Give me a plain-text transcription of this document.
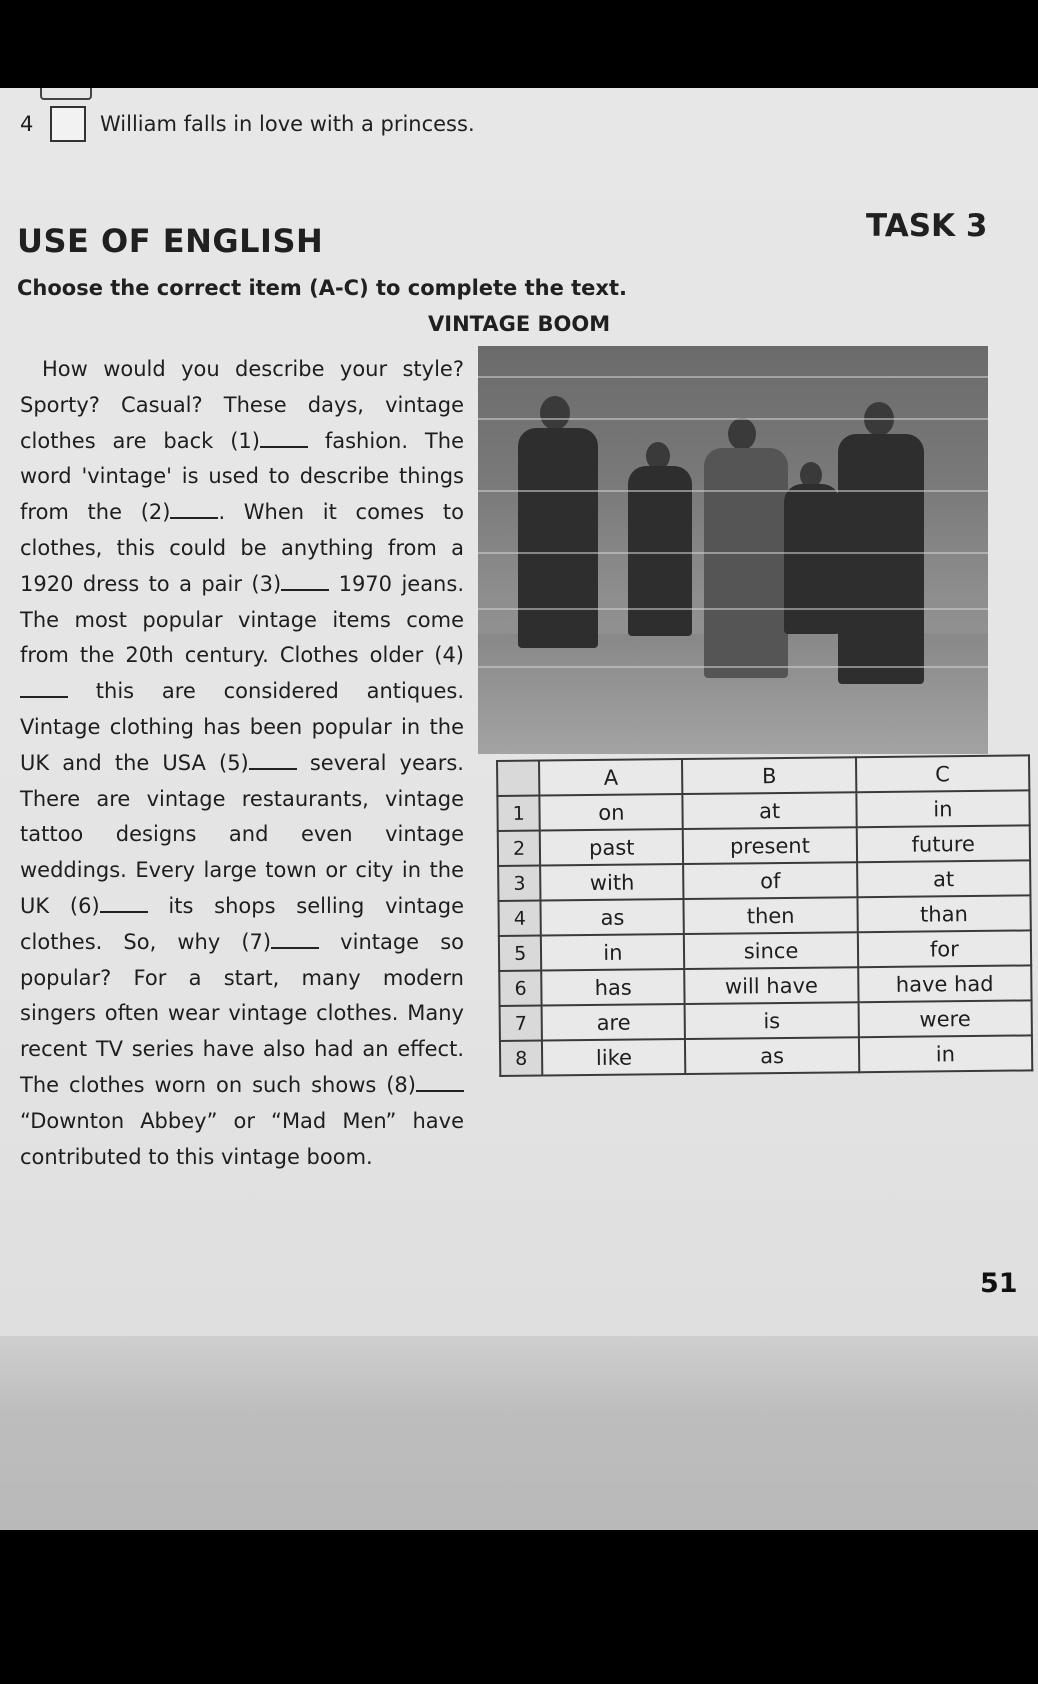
4	William falls in love with a princess.
USE OF ENGLISH	TASK 3
Choose the correct item (A-C) to complete the text.
VINTAGE BOOM
How would you describe your style? Sporty? Casual? These days, vintage clothes are back (1) fashion. The word 'vintage' is used to describe things from the (2) . When it comes to clothes, this could be anything from a 1920 dress to a pair (3) 1970 jeans. The most popular vintage items come from the 20th century. Clothes older (4) this are considered antiques. Vintage clothing has been popular in the UK and the USA (5) several years. There are vintage restaurants, vintage tattoo designs and even vintage weddings. Every large town or city in the UK (6) its shops selling vintage clothes. So, why (7) vintage so popular? For a start, many modern singers often wear vintage clothes. Many recent TV series have also had an effect. The clothes worn on such shows (8) “Downton Abbey” or “Mad Men” have contributed to this vintage boom.
	A	B	C
1	on	at	in
2	past	present	future
3	with	of	at
4	as	then	than
5	in	since	for
6	has	will have	have had
7	are	is	were
8	like	as	in
51
